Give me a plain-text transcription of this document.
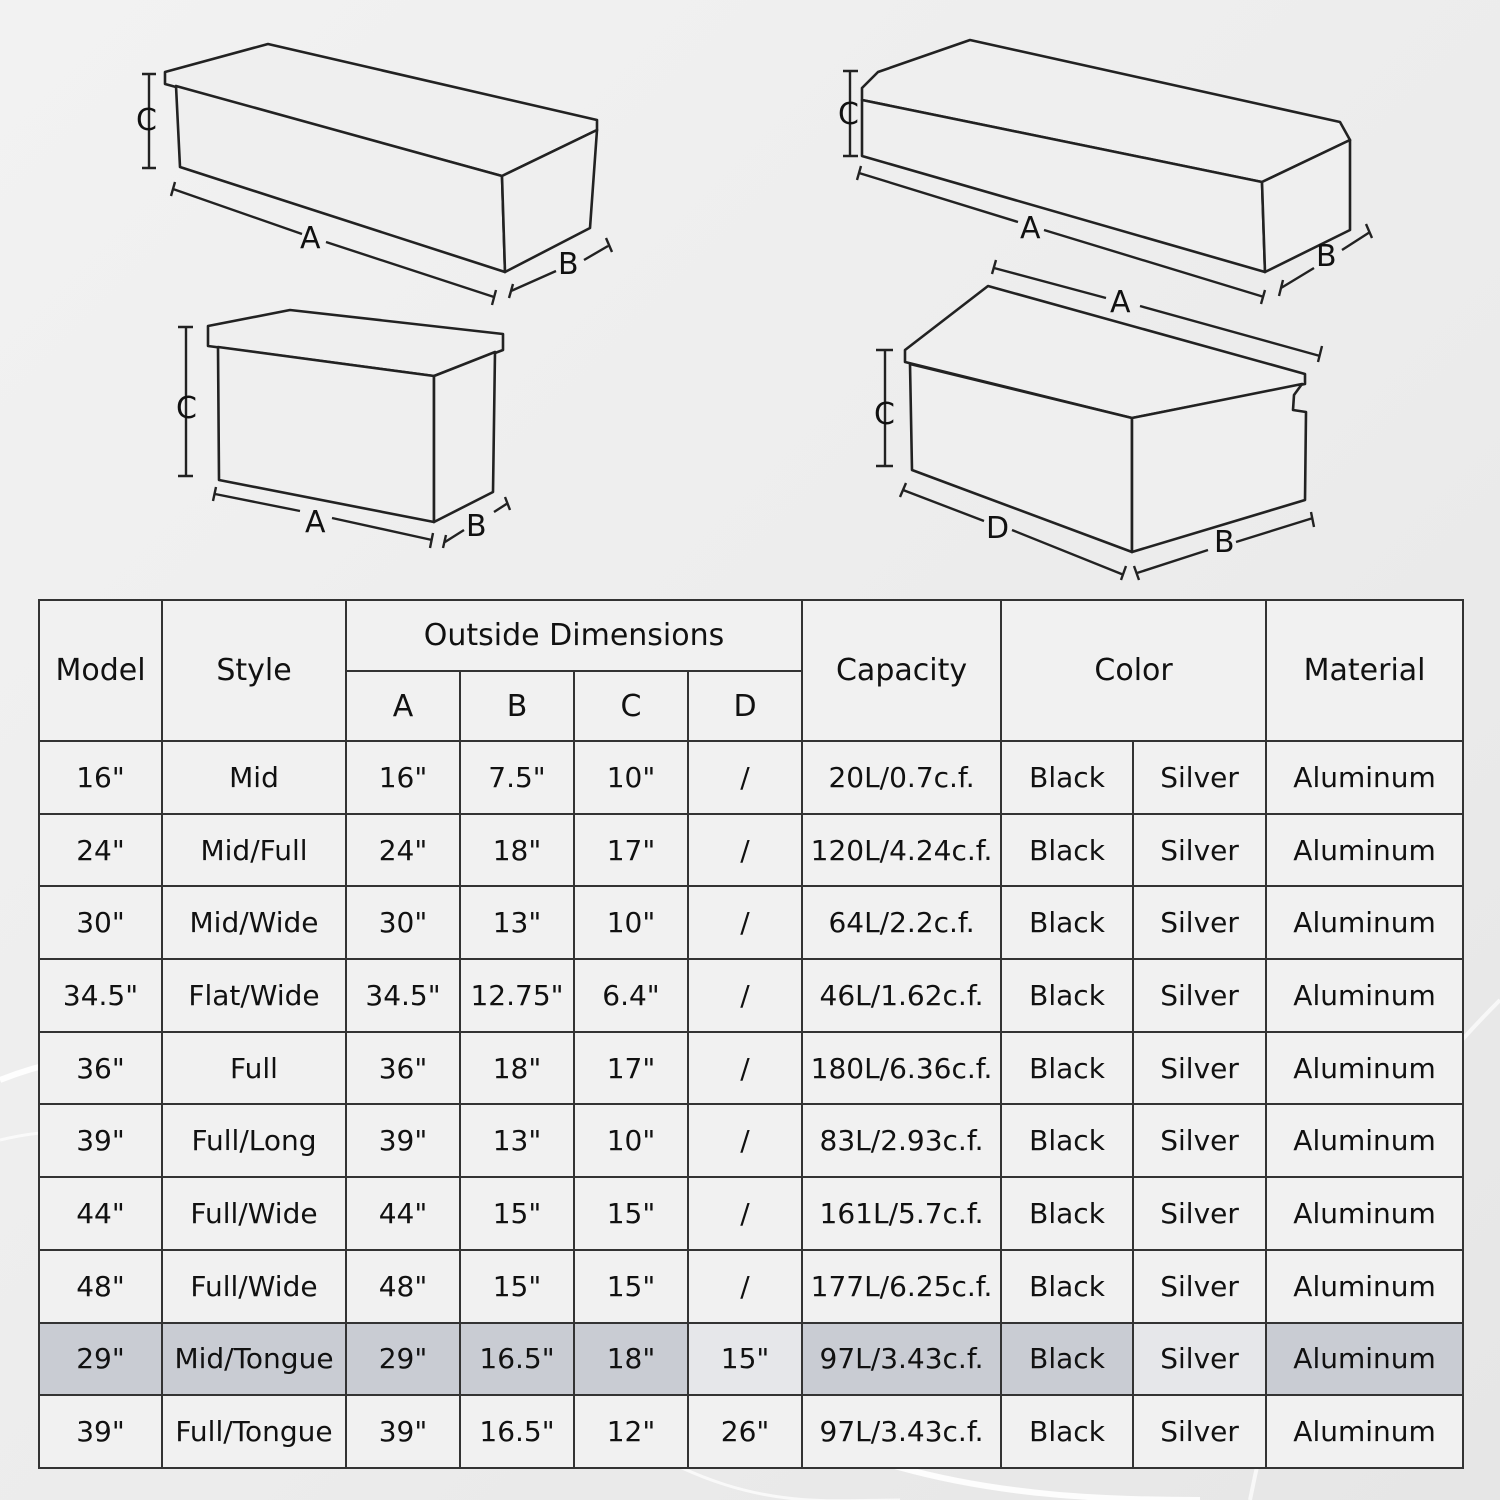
C
A
B
C
A	B
C
A
B
C
A
D	B
Model	Style	Outside Dimensions				Capacity	Color		Material
		A	B	C	D				
16"	Mid	16"	7.5"	10"	/	20L/0.7c.f.	Black	Silver	Aluminum
24"	Mid/Full	24"	18"	17"	/	120L/4.24c.f.	Black	Silver	Aluminum
30"	Mid/Wide	30"	13"	10"	/	64L/2.2c.f.	Black	Silver	Aluminum
34.5"	Flat/Wide	34.5"	12.75"	6.4"	/	46L/1.62c.f.	Black	Silver	Aluminum
36"	Full	36"	18"	17"	/	180L/6.36c.f.	Black	Silver	Aluminum
39"	Full/Long	39"	13"	10"	/	83L/2.93c.f.	Black	Silver	Aluminum
44"	Full/Wide	44"	15"	15"	/	161L/5.7c.f.	Black	Silver	Aluminum
48"	Full/Wide	48"	15"	15"	/	177L/6.25c.f.	Black	Silver	Aluminum
29"	Mid/Tongue	29"	16.5"	18"	15"	97L/3.43c.f.	Black	Silver	Aluminum
39"	Full/Tongue	39"	16.5"	12"	26"	97L/3.43c.f.	Black	Silver	Aluminum
